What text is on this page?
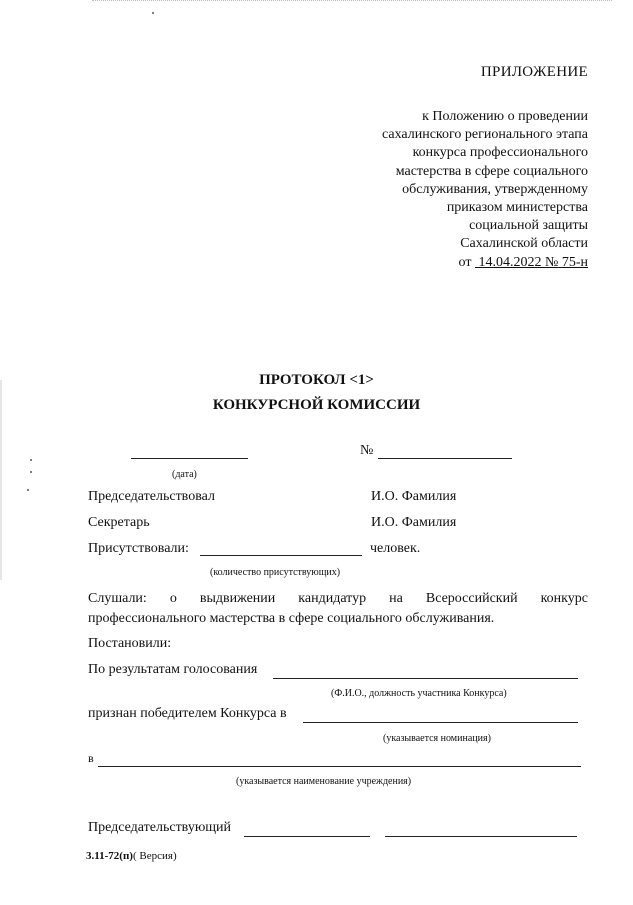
ПРИЛОЖЕНИЕ
к Положению о проведении
сахалинского регионального этапа
конкурса профессионального
мастерства в сфере социального
обслуживания, утвержденному
приказом министерства
социальной защиты
Сахалинской области
от 14.04.2022 № 75-н
ПРОТОКОЛ <1>
КОНКУРСНОЙ КОМИССИИ
№
(дата)
Председательствовал	И.О. Фамилия
Секретарь	И.О. Фамилия
Присутствовали:	человек.
(количество присутствующих)
Слушали: о выдвижении кандидатур на Всероссийский конкурс
профессионального мастерства в сфере социального обслуживания.
Постановили:
По результатам голосования
(Ф.И.О., должность участника Конкурса)
признан победителем Конкурса в
(указывается номинация)
в
(указывается наименование учреждения)
Председательствующий
3.11-72(п)( Версия)
